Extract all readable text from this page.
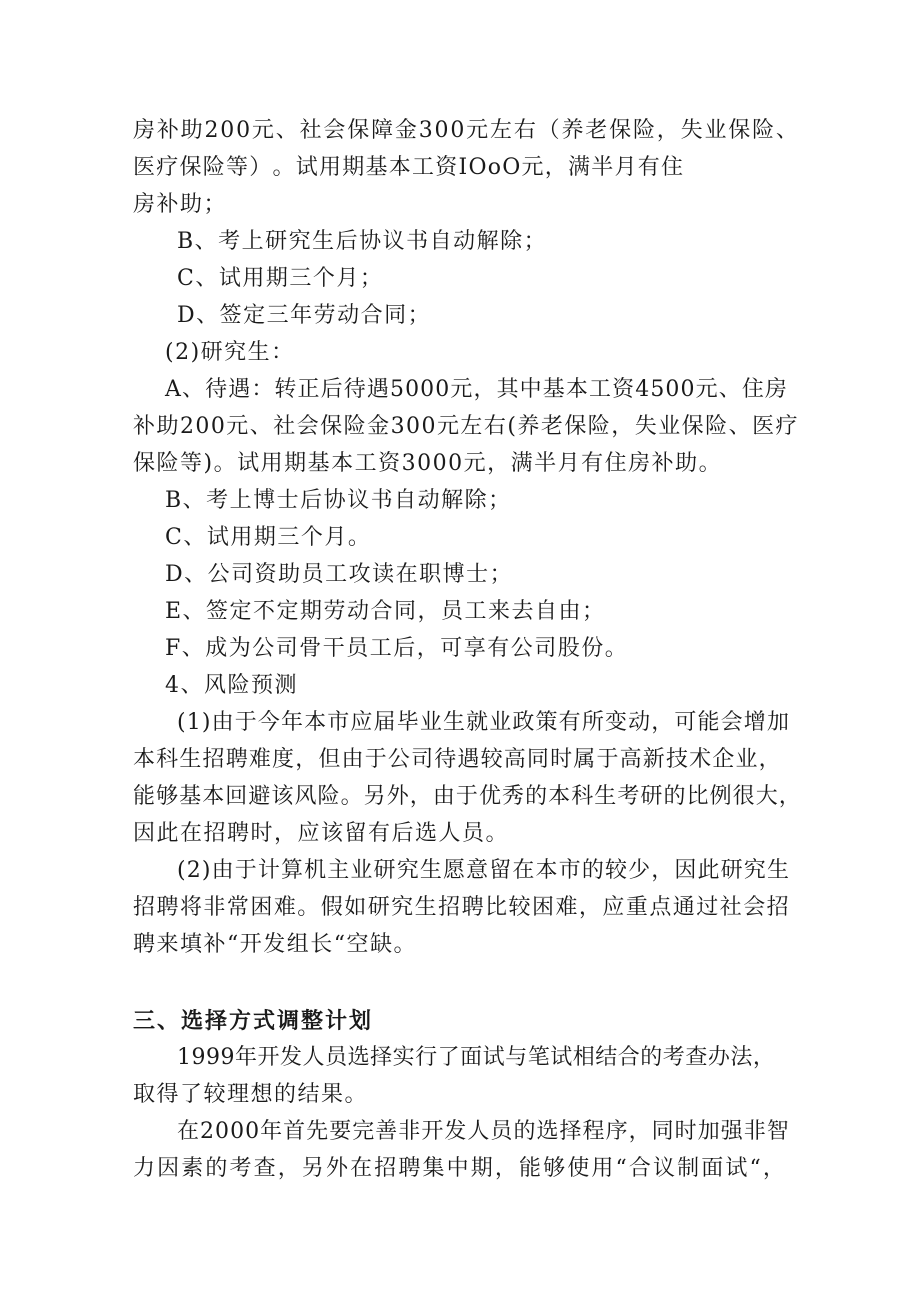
房 补 助 2 0 0 元 、 社 会 保 障 金 3 0 0 元 左 右 （ 养 老 保 险 ， 失 业 保 险 、
医 疗 保 险 等 ） 。 试 用 期 基 本 工 资 I O o O 元 ， 满 半 月 有 住
房补助；
B、考上研究生后协议书自动解除；
C、试用期三个月；
D、签定三年劳动合同；
(2)研究生：
A 、 待 遇 ： 转 正 后 待 遇 5 0 0 0 元 ， 其 中 基 本 工 资 4 5 0 0 元 、 住 房
补 助 2 0 0 元 、 社 会 保 险 金 3 0 0 元 左 右 ( 养 老 保 险 ， 失 业 保 险 、 医 疗
保险等)。试用期基本工资3000元，满半月有住房补助。
B、考上博士后协议书自动解除；
C、试用期三个月。
D、公司资助员工攻读在职博士；
E、签定不定期劳动合同，员工来去自由；
F、成为公司骨干员工后，可享有公司股份。
4、风险预测
( 1 ) 由 于 今 年 本 市 应 届 毕 业 生 就 业 政 策 有 所 变 动 ， 可 能 会 增 加
本 科 生 招 聘 难 度 ， 但 由 于 公 司 待 遇 较 高 同 时 属 于 高 新 技 术 企 业 ，
能 够 基 本 回 避 该 风 险 。 另 外 ， 由 于 优 秀 的 本 科 生 考 研 的 比 例 很 大 ，
因此在招聘时，应该留有后选人员。
( 2 ) 由 于 计 算 机 主 业 研 究 生 愿 意 留 在 本 市 的 较 少 ， 因 此 研 究 生
招 聘 将 非 常 困 难 。 假 如 研 究 生 招 聘 比 较 困 难 ， 应 重 点 通 过 社 会 招
聘来填补“开发组长“空缺。
三、选择方式调整计划
1 9 9 9 年 开 发 人 员 选 择 实 行 了 面 试 与 笔 试 相 结 合 的 考 查 办 法 ，
取得了较理想的结果。
在 2 0 0 0 年 首 先 要 完 善 非 开 发 人 员 的 选 择 程 序 ， 同 时 加 强 非 智
力 因 素 的 考 查 ， 另 外 在 招 聘 集 中 期 ， 能 够 使 用 “ 合 议 制 面 试 “ ，
